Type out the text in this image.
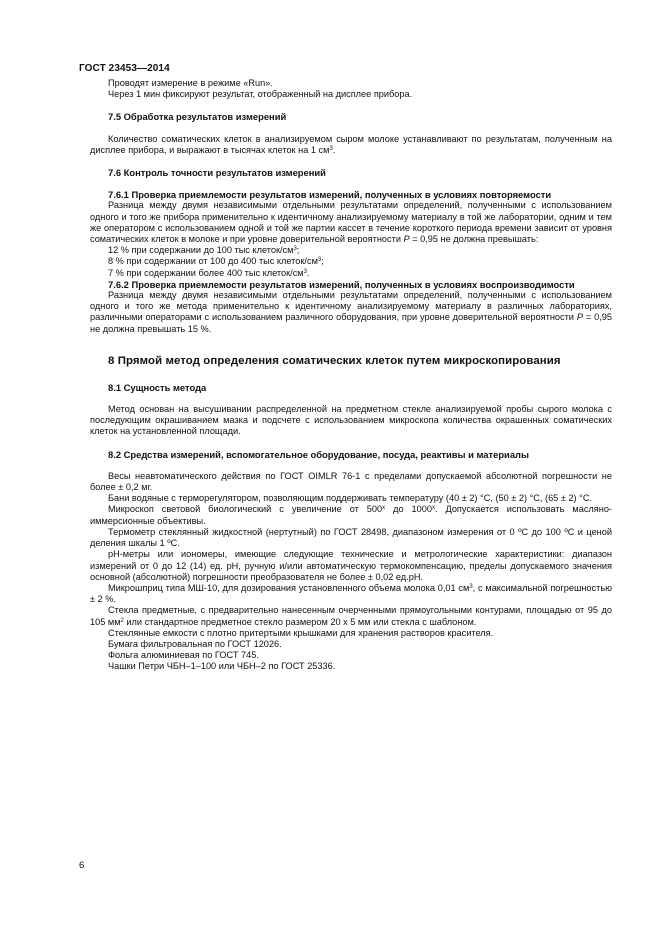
ГОСТ 23453—2014

Проводят измерение в режиме «Run».

Через 1 мин фиксируют результат, отображенный на дисплее прибора.

7.5 Обработка результатов измерений

Количество соматических клеток в анализируемом сыром молоке устанавливают по результатам, полученным на дисплее прибора, и выражают в тысячах клеток на 1 $см^3$.

7.6 Контроль точности результатов измерений

7.6.1 Проверка приемлемости результатов измерений, полученных в условиях повторяемости

Разница между двумя независимыми отдельными результатами определений, полученными с использованием одного и того же прибора применительно к идентичному анализируемому материалу в той же лаборатории, одним и тем же оператором с использованием одной и той же партии кассет в течение короткого периода времени зависит от уровня соматических клеток в молоке и при уровне доверительной вероятности Р = 0,95 не должна превышать:

12 % при содержании до 100 тыс клеток/$см^3$;

8 % при содержании от 100 до 400 тыс клеток/$см^3$;

7 % при содержании более 400 тыс клеток/$см^3$.

7.6.2 Проверка приемлемости результатов измерений, полученных в условиях воспроизводимости

Разница между двумя независимыми отдельными результатами определений, полученными с использованием одного и того же метода применительно к идентичному анализируемому материалу в различных лабораториях, различными операторами с использованием различного оборудования, при уровне доверительной вероятности Р = 0,95 не должна превышать 15 %.

8 Прямой метод определения соматических клеток путем микроскопирования

8.1 Сущность метода

Метод основан на высушивании распределенной на предметном стекле анализируемой пробы сырого молока с последующим окрашиванием мазка и подсчете с использованием микроскопа количества окрашенных соматических клеток на установленной площади.

8.2 Средства измерений, вспомогательное оборудование, посуда, реактивы и материалы

Весы неавтоматического действия по ГОСТ OIMLR 76-1 с пределами допускаемой абсолютной погрешности не более ± 0,2 мг.

Бани водяные с терморегулятором, позволяющим поддерживать температуру (40 ± 2) °С, (50 ± 2) °С, (65 ± 2) °С.

Микроскоп световой биологический с увеличение от 500$^x$ до 1000$^x$. Допускается использовать масляно-иммерсионные объективы.

Термометр стеклянный жидкостной (нертутный) по ГОСТ 28498, диапазоном измерения от 0 ºС до 100 ºС и ценой деления шкалы 1 ºС.

pH-метры или иономеры, имеющие следующие технические и метрологические характеристики: диапазон измерений от 0 до 12 (14) ед. рН, ручную и/или автоматическую термокомпенсацию, пределы допускаемого значения основной (абсолютной) погрешности преобразователя не более ± 0,02 ед.рН.

Микрошприц типа МШ-10, для дозирования установленного объема молока 0,01 $см^3$, с максимальной погрешностью ± 2 %.

Стекла предметные, с предварительно нанесенным очерченными прямоугольными контурами, площадью от 95 до 105 $мм^2$ или стандартное предметное стекло размером 20 х 5 мм или стекла с шаблоном.

Стеклянные емкости с плотно притертыми крышками для хранения растворов красителя.

Бумага фильтровальная по ГОСТ 12026.

Фольга алюминиевая по ГОСТ 745.

Чашки Петри ЧБН–1–100 или ЧБН–2 по ГОСТ 25336.

6
